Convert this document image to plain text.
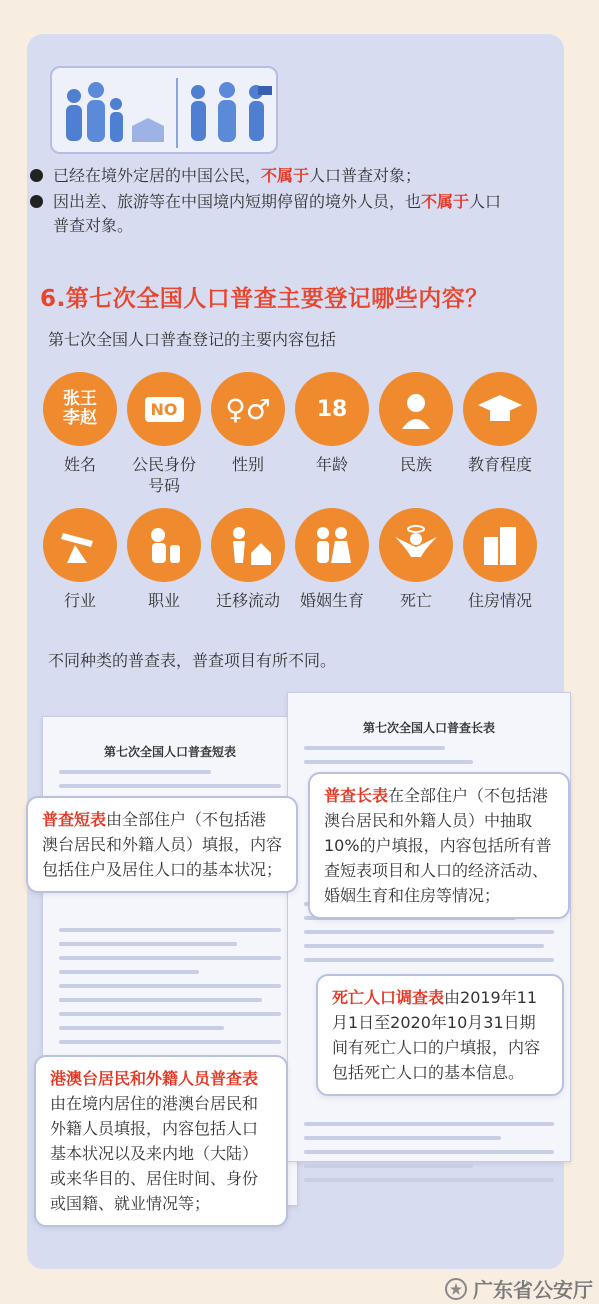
已经在境外定居的中国公民，不属于人口普查对象；
因出差、旅游等在中国境内短期停留的境外人员，也不属于人口普查对象。
6.第七次全国人口普查主要登记哪些内容？
第七次全国人口普查登记的主要内容包括
张王
李赵
姓名
NO
公民身份
号码
♀♂
性别
18
年龄	民族	教育程度
行业	职业	迁移流动	婚姻生育	死亡	住房情况
不同种类的普查表，普查项目有所不同。
第七次全国人口普查短表
第七次全国人口普查长表
普查短表由全部住户（不包括港澳台居民和外籍人员）填报，内容包括住户及居住人口的基本状况；
普查长表在全部住户（不包括港澳台居民和外籍人员）中抽取10%的户填报，内容包括所有普查短表项目和人口的经济活动、婚姻生育和住房等情况；
死亡人口调查表由2019年11月1日至2020年10月31日期间有死亡人口的户填报，内容包括死亡人口的基本信息。
港澳台居民和外籍人员普查表由在境内居住的港澳台居民和外籍人员填报，内容包括人口基本状况以及来内地（大陆）或来华目的、居住时间、身份或国籍、就业情况等；
广东省公安厅
